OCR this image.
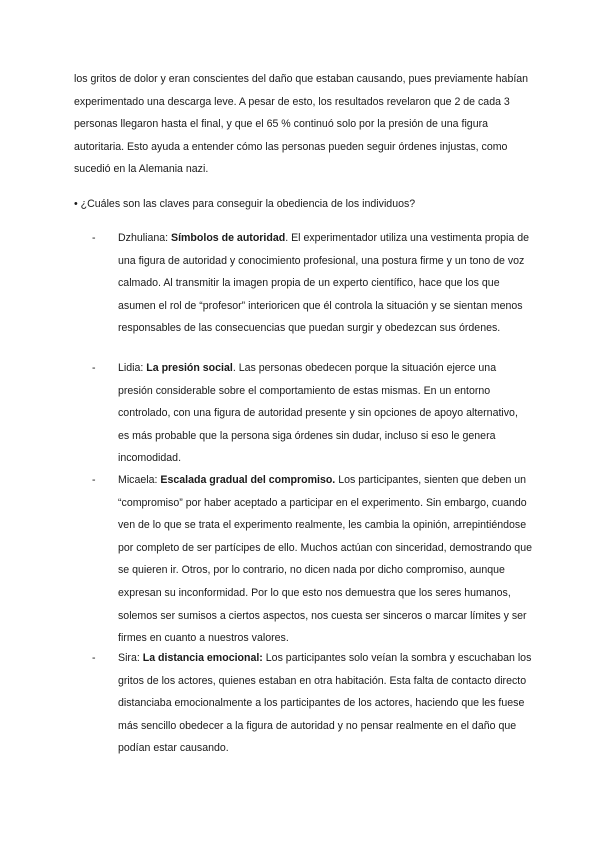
los gritos de dolor y eran conscientes del daño que estaban causando, pues previamente habían experimentado una descarga leve. A pesar de esto, los resultados revelaron que 2 de cada 3 personas llegaron hasta el final, y que el 65 % continuó solo por la presión de una figura autoritaria. Esto ayuda a entender cómo las personas pueden seguir órdenes injustas, como sucedió en la Alemania nazi.

• ¿Cuáles son las claves para conseguir la obediencia de los individuos?

- Dzhuliana: Símbolos de autoridad. El experimentador utiliza una vestimenta propia de una figura de autoridad y conocimiento profesional, una postura firme y un tono de voz calmado. Al transmitir la imagen propia de un experto científico, hace que los que asumen el rol de “profesor” interioricen que él controla la situación y se sientan menos responsables de las consecuencias que puedan surgir y obedezcan sus órdenes.

- Lidia: La presión social. Las personas obedecen porque la situación ejerce una presión considerable sobre el comportamiento de estas mismas. En un entorno controlado, con una figura de autoridad presente y sin opciones de apoyo alternativo, es más probable que la persona siga órdenes sin dudar, incluso si eso le genera incomodidad.

- Micaela: Escalada gradual del compromiso. Los participantes, sienten que deben un “compromiso” por haber aceptado a participar en el experimento. Sin embargo, cuando ven de lo que se trata el experimento realmente, les cambia la opinión, arrepintiéndose por completo de ser partícipes de ello. Muchos actúan con sinceridad, demostrando que se quieren ir. Otros, por lo contrario, no dicen nada por dicho compromiso, aunque expresan su inconformidad. Por lo que esto nos demuestra que los seres humanos, solemos ser sumisos a ciertos aspectos, nos cuesta ser sinceros o marcar límites y ser firmes en cuanto a nuestros valores.

- Sira: La distancia emocional: Los participantes solo veían la sombra y escuchaban los gritos de los actores, quienes estaban en otra habitación. Esta falta de contacto directo distanciaba emocionalmente a los participantes de los actores, haciendo que les fuese más sencillo obedecer a la figura de autoridad y no pensar realmente en el daño que podían estar causando.
